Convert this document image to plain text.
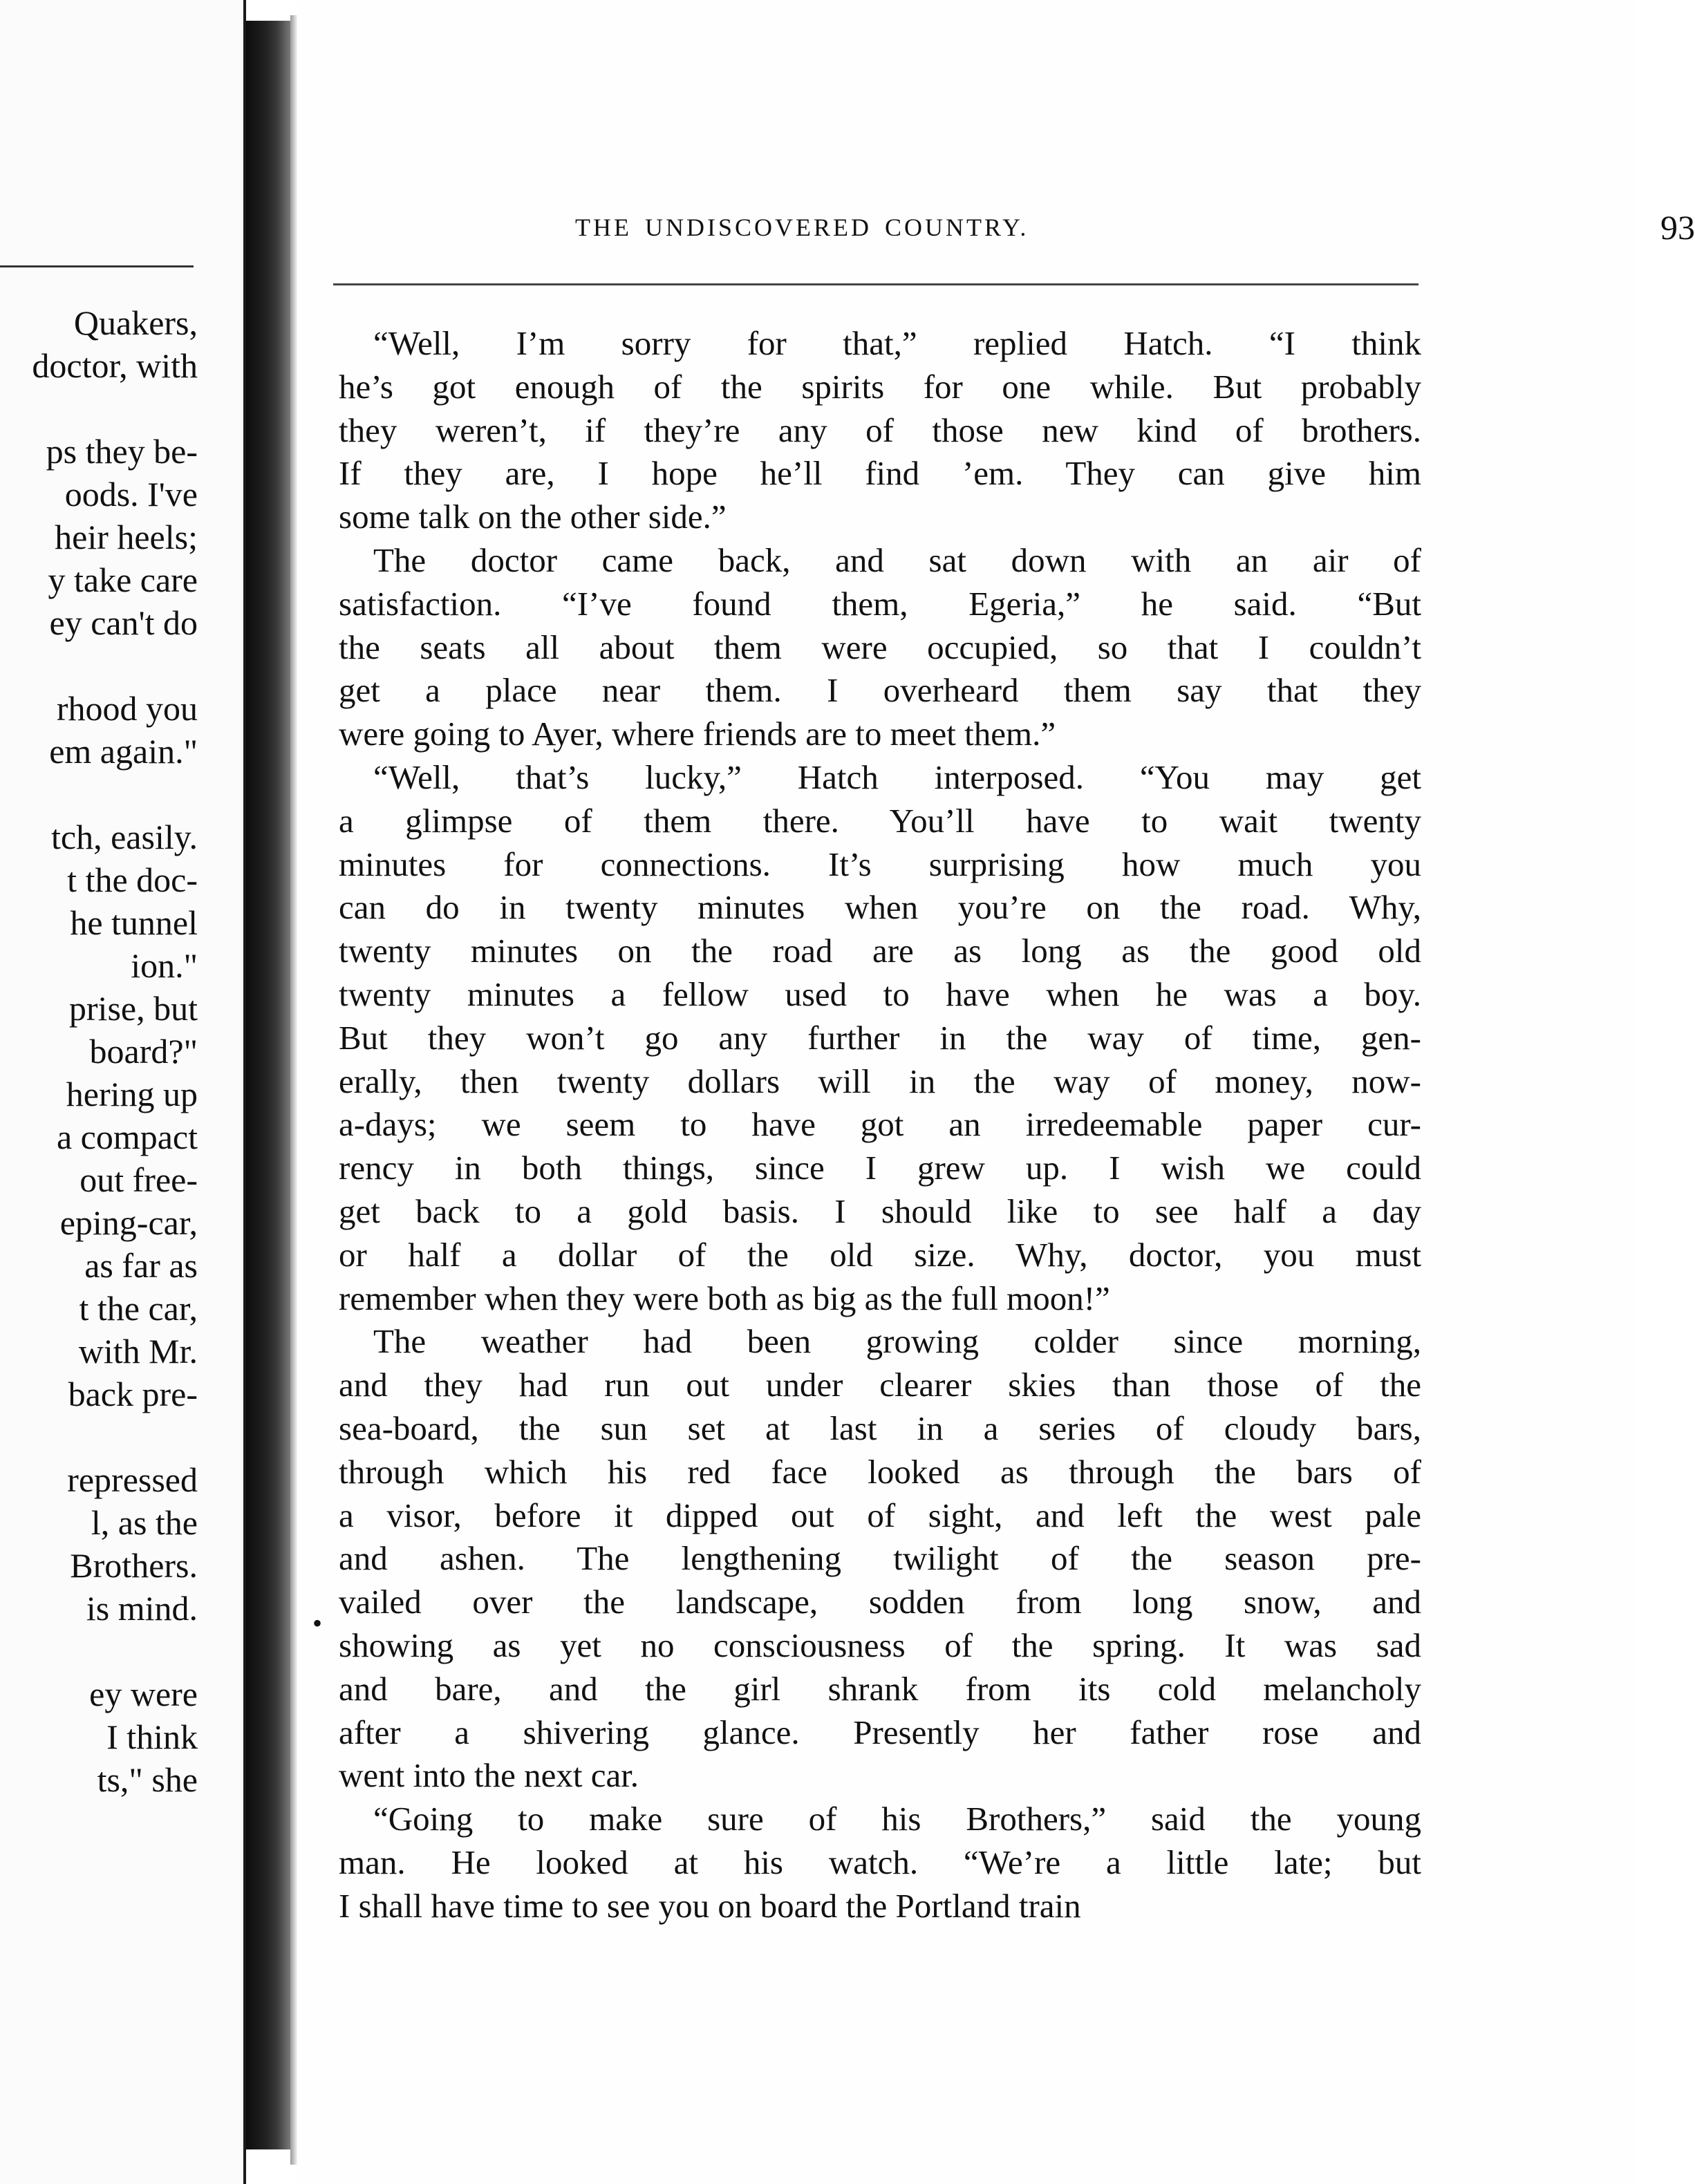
Quakers,
doctor, with

ps they be-
oods. I've
heir heels;
y take care
ey can't do

rhood you
em again."

tch, easily.
t the doc-
he tunnel
ion."
prise, but
board?"
hering up
a compact
out free-
eping-car,
as far as
t the car,
with Mr.
back pre-

repressed
l, as the
Brothers.
is mind.

ey were
I think
ts," she
THE UNDISCOVERED COUNTRY.	93
•
“Well, I’m sorry for that,” replied Hatch. “I think
he’s got enough of the spirits for one while. But probably
they weren’t, if they’re any of those new kind of brothers.
If they are, I hope he’ll find ’em. They can give him
some talk on the other side.”
The doctor came back, and sat down with an air of
satisfaction. “I’ve found them, Egeria,” he said. “But
the seats all about them were occupied, so that I couldn’t
get a place near them. I overheard them say that they
were going to Ayer, where friends are to meet them.”
“Well, that’s lucky,” Hatch interposed. “You may get
a glimpse of them there. You’ll have to wait twenty
minutes for connections. It’s surprising how much you
can do in twenty minutes when you’re on the road. Why,
twenty minutes on the road are as long as the good old
twenty minutes a fellow used to have when he was a boy.
But they won’t go any further in the way of time, gen-
erally, then twenty dollars will in the way of money, now-
a-days; we seem to have got an irredeemable paper cur-
rency in both things, since I grew up. I wish we could
get back to a gold basis. I should like to see half a day
or half a dollar of the old size. Why, doctor, you must
remember when they were both as big as the full moon!”
The weather had been growing colder since morning,
and they had run out under clearer skies than those of the
sea-board, the sun set at last in a series of cloudy bars,
through which his red face looked as through the bars of
a visor, before it dipped out of sight, and left the west pale
and ashen. The lengthening twilight of the season pre-
vailed over the landscape, sodden from long snow, and
showing as yet no consciousness of the spring. It was sad
and bare, and the girl shrank from its cold melancholy
after a shivering glance. Presently her father rose and
went into the next car.
“Going to make sure of his Brothers,” said the young
man. He looked at his watch. “We’re a little late; but
I shall have time to see you on board the Portland train
